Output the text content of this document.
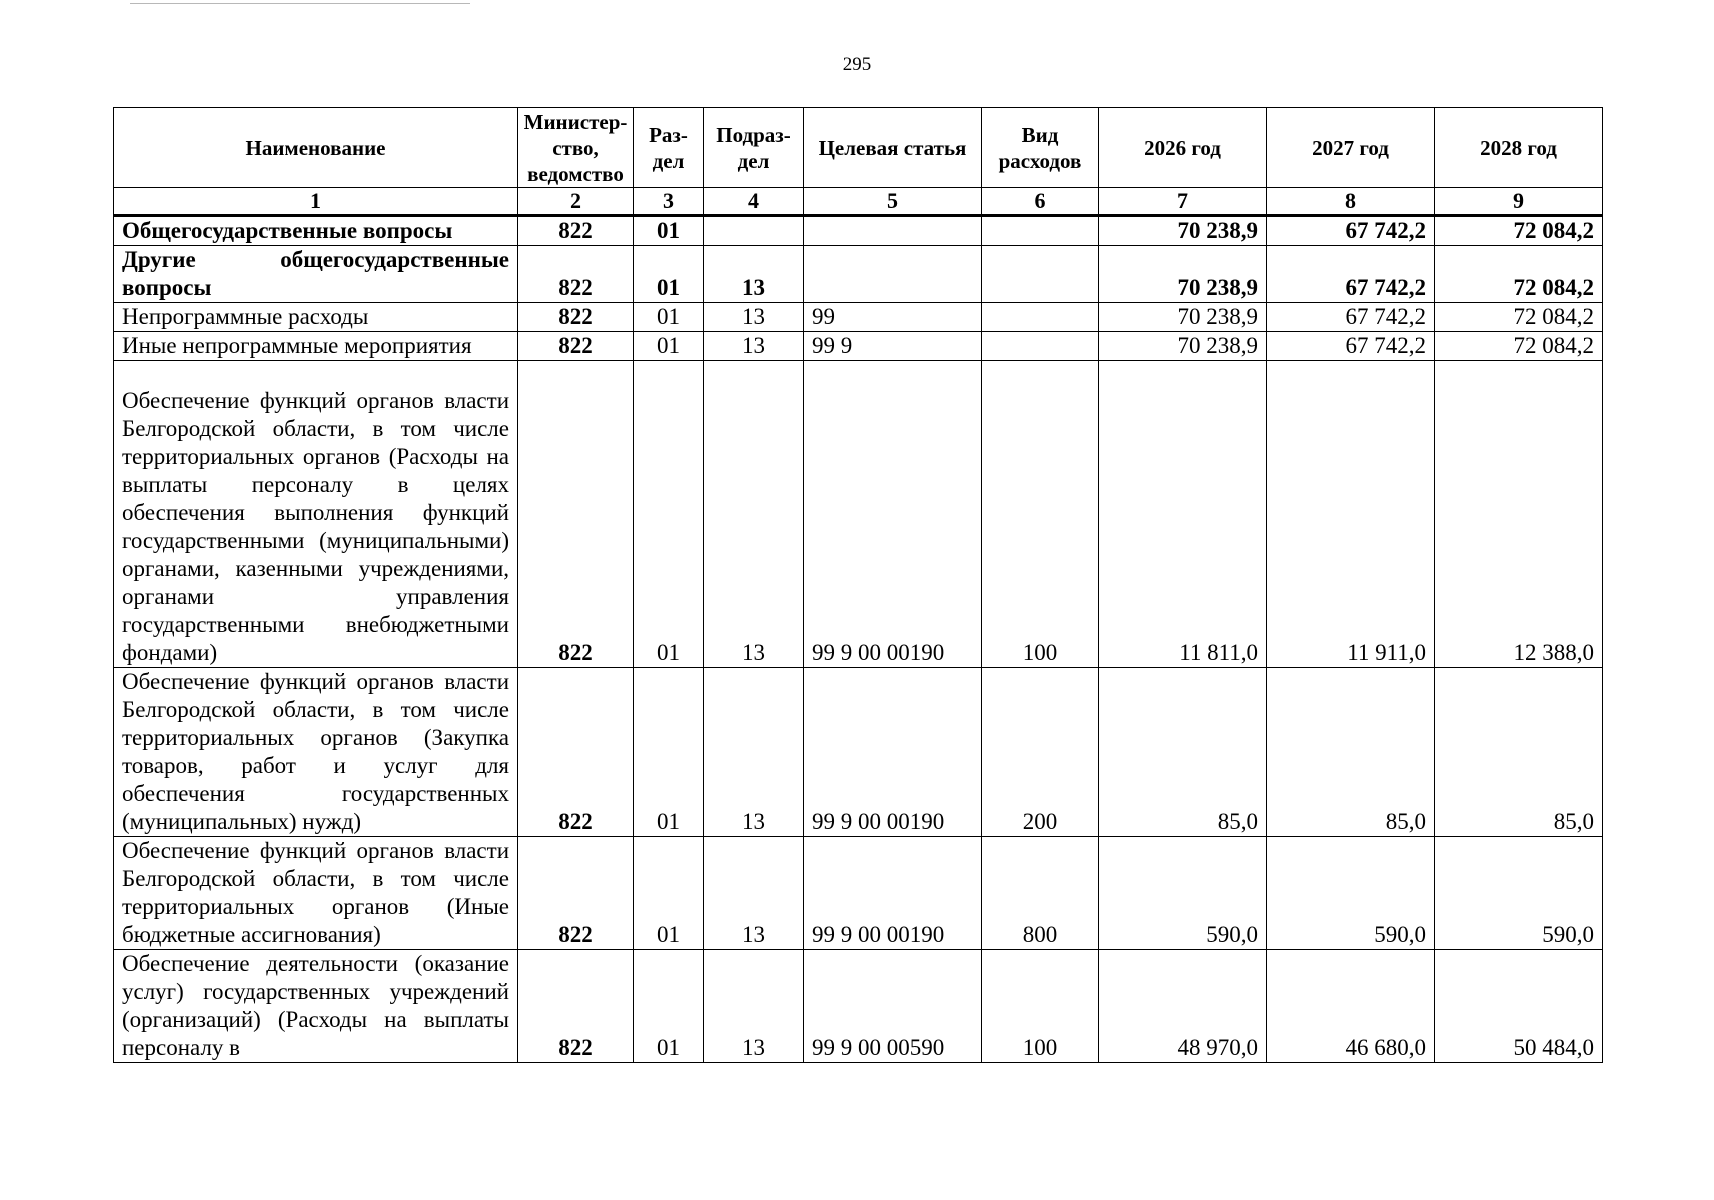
295
Наименование	Министер-ство, ведомство	Раз-дел	Подраз-дел	Целевая статья	Вид расходов	2026 год	2027 год	2028 год
1	2	3	4	5	6	7	8	9
Общегосударственные вопросы	822	01				70 238,9	67 742,2	72 084,2
Другие общегосударственные вопросы	822	01	13			70 238,9	67 742,2	72 084,2
Непрограммные расходы	822	01	13	99		70 238,9	67 742,2	72 084,2
Иные непрограммные мероприятия	822	01	13	99 9		70 238,9	67 742,2	72 084,2
Обеспечение функций органов власти Белгородской области, в том числе территориальных органов (Расходы на выплаты персоналу в целях обеспечения выполнения функций государственными (муниципальными) органами, казенными учреждениями, органами управления государственными внебюджетными фондами)	822	01	13	99 9 00 00190	100	11 811,0	11 911,0	12 388,0
Обеспечение функций органов власти Белгородской области, в том числе территориальных органов (Закупка товаров, работ и услуг для обеспечения государственных (муниципальных) нужд)	822	01	13	99 9 00 00190	200	85,0	85,0	85,0
Обеспечение функций органов власти Белгородской области, в том числе территориальных органов (Иные бюджетные ассигнования)	822	01	13	99 9 00 00190	800	590,0	590,0	590,0
Обеспечение деятельности (оказание услуг) государственных учреждений (организаций) (Расходы на выплаты персоналу в	822	01	13	99 9 00 00590	100	48 970,0	46 680,0	50 484,0
